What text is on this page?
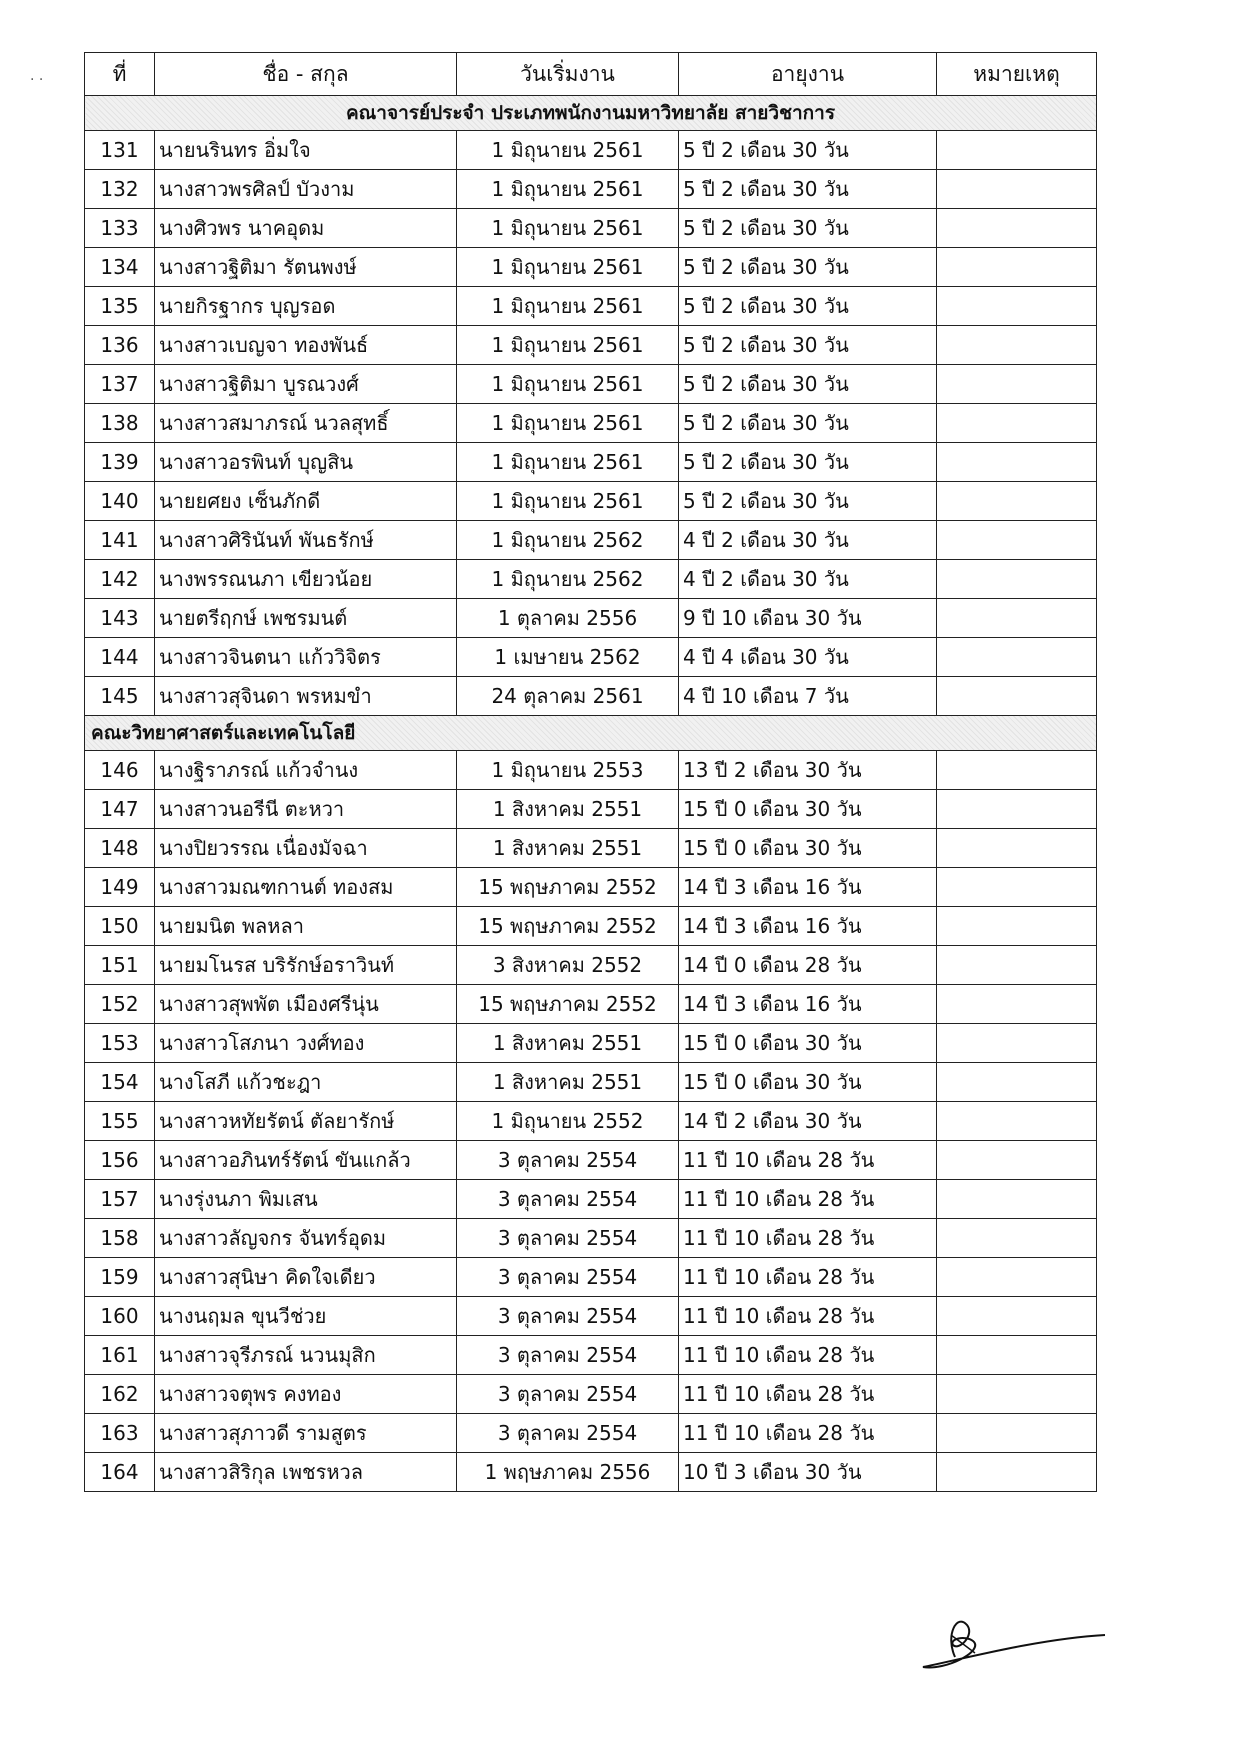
ที่	ชื่อ - สกุล	วันเริ่มงาน	อายุงาน	หมายเหตุ
คณาจารย์ประจำ ประเภทพนักงานมหาวิทยาลัย สายวิชาการ				
131	นายนรินทร อิ่มใจ	1 มิถุนายน 2561	5 ปี 2 เดือน 30 วัน	
132	นางสาวพรศิลป์ บัวงาม	1 มิถุนายน 2561	5 ปี 2 เดือน 30 วัน	
133	นางศิวพร นาคอุดม	1 มิถุนายน 2561	5 ปี 2 เดือน 30 วัน	
134	นางสาวฐิติมา รัตนพงษ์	1 มิถุนายน 2561	5 ปี 2 เดือน 30 วัน	
135	นายกิรฐากร บุญรอด	1 มิถุนายน 2561	5 ปี 2 เดือน 30 วัน	
136	นางสาวเบญจา ทองพันธ์	1 มิถุนายน 2561	5 ปี 2 เดือน 30 วัน	
137	นางสาวฐิติมา บูรณวงศ์	1 มิถุนายน 2561	5 ปี 2 เดือน 30 วัน	
138	นางสาวสมาภรณ์ นวลสุทธิ์	1 มิถุนายน 2561	5 ปี 2 เดือน 30 วัน	
139	นางสาวอรพินท์ บุญสิน	1 มิถุนายน 2561	5 ปี 2 เดือน 30 วัน	
140	นายยศยง เซ็นภักดี	1 มิถุนายน 2561	5 ปี 2 เดือน 30 วัน	
141	นางสาวศิรินันท์ พันธรักษ์	1 มิถุนายน 2562	4 ปี 2 เดือน 30 วัน	
142	นางพรรณนภา เขียวน้อย	1 มิถุนายน 2562	4 ปี 2 เดือน 30 วัน	
143	นายตรีฤกษ์ เพชรมนต์	1 ตุลาคม 2556	9 ปี 10 เดือน 30 วัน	
144	นางสาวจินตนา แก้ววิจิตร	1 เมษายน 2562	4 ปี 4 เดือน 30 วัน	
145	นางสาวสุจินดา พรหมขำ	24 ตุลาคม 2561	4 ปี 10 เดือน 7 วัน	
คณะวิทยาศาสตร์และเทคโนโลยี				
146	นางฐิราภรณ์ แก้วจำนง	1 มิถุนายน 2553	13 ปี 2 เดือน 30 วัน	
147	นางสาวนอรีนี ตะหวา	1 สิงหาคม 2551	15 ปี 0 เดือน 30 วัน	
148	นางปิยวรรณ เนื่องมัจฉา	1 สิงหาคม 2551	15 ปี 0 เดือน 30 วัน	
149	นางสาวมณฑกานต์ ทองสม	15 พฤษภาคม 2552	14 ปี 3 เดือน 16 วัน	
150	นายมนิต พลหลา	15 พฤษภาคม 2552	14 ปี 3 เดือน 16 วัน	
151	นายมโนรส บริรักษ์อราวินท์	3 สิงหาคม 2552	14 ปี 0 เดือน 28 วัน	
152	นางสาวสุพพัต เมืองศรีนุ่น	15 พฤษภาคม 2552	14 ปี 3 เดือน 16 วัน	
153	นางสาวโสภนา วงศ์ทอง	1 สิงหาคม 2551	15 ปี 0 เดือน 30 วัน	
154	นางโสภี แก้วชะฎา	1 สิงหาคม 2551	15 ปี 0 เดือน 30 วัน	
155	นางสาวหทัยรัตน์ ตัลยารักษ์	1 มิถุนายน 2552	14 ปี 2 เดือน 30 วัน	
156	นางสาวอภินทร์รัตน์ ขันแกล้ว	3 ตุลาคม 2554	11 ปี 10 เดือน 28 วัน	
157	นางรุ่งนภา พิมเสน	3 ตุลาคม 2554	11 ปี 10 เดือน 28 วัน	
158	นางสาวลัญจกร จันทร์อุดม	3 ตุลาคม 2554	11 ปี 10 เดือน 28 วัน	
159	นางสาวสุนิษา คิดใจเดียว	3 ตุลาคม 2554	11 ปี 10 เดือน 28 วัน	
160	นางนฤมล ขุนวีช่วย	3 ตุลาคม 2554	11 ปี 10 เดือน 28 วัน	
161	นางสาวจุรีภรณ์ นวนมุสิก	3 ตุลาคม 2554	11 ปี 10 เดือน 28 วัน	
162	นางสาวจตุพร คงทอง	3 ตุลาคม 2554	11 ปี 10 เดือน 28 วัน	
163	นางสาวสุภาวดี รามสูตร	3 ตุลาคม 2554	11 ปี 10 เดือน 28 วัน	
164	นางสาวสิริกุล เพชรหวล	1 พฤษภาคม 2556	10 ปี 3 เดือน 30 วัน	
· ·
